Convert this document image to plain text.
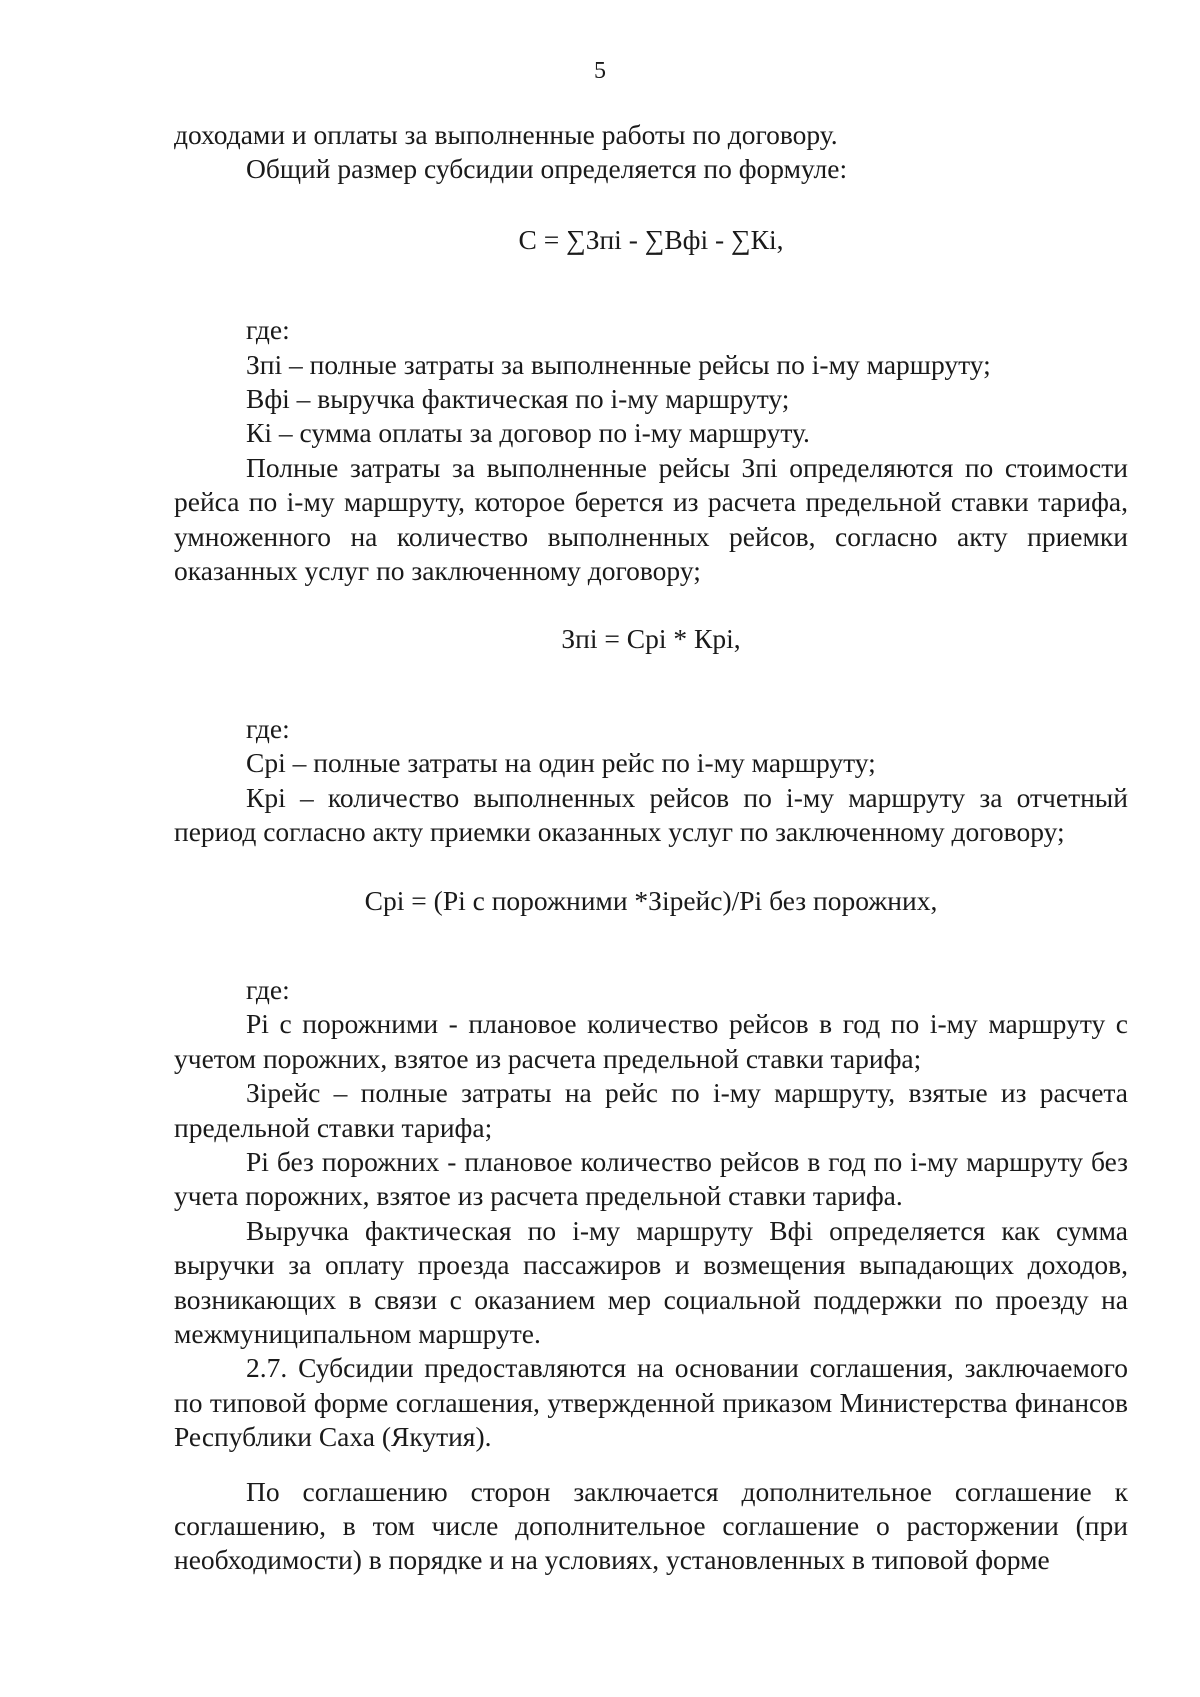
5

доходами и оплаты за выполненные работы по договору.

Общий размер субсидии определяется по формуле:

С = ∑Зпi - ∑Вфi - ∑Кi,

где:

Зпi – полные затраты за выполненные рейсы по i-му маршруту;

Вфi – выручка фактическая по i-му маршруту;

Кi – сумма оплаты за договор по i-му маршруту.

Полные затраты за выполненные рейсы Зпi определяются по стоимости рейса по i-му маршруту, которое берется из расчета предельной ставки тарифа, умноженного на количество выполненных рейсов, согласно акту приемки оказанных услуг по заключенному договору;

Зпi = Срi * Крi,

где:

Срi – полные затраты на один рейс по i-му маршруту;

Крi – количество выполненных рейсов по i-му маршруту за отчетный период согласно акту приемки оказанных услуг по заключенному договору;

Срi = (Рi с порожними *Зiрейс)/Рi без порожних,

где:

Рi с порожними - плановое количество рейсов в год по i-му маршруту с учетом порожних, взятое из расчета предельной ставки тарифа;

Зiрейс – полные затраты на рейс по i-му маршруту, взятые из расчета предельной ставки тарифа;

Рi без порожних - плановое количество рейсов в год по i-му маршруту без учета порожних, взятое из расчета предельной ставки тарифа.

Выручка фактическая по i-му маршруту Вфi определяется как сумма выручки за оплату проезда пассажиров и возмещения выпадающих доходов, возникающих в связи с оказанием мер социальной поддержки по проезду на межмуниципальном маршруте.

2.7. Субсидии предоставляются на основании соглашения, заключаемого по типовой форме соглашения, утвержденной приказом Министерства финансов Республики Саха (Якутия).

По соглашению сторон заключается дополнительное соглашение к соглашению, в том числе дополнительное соглашение о расторжении (при необходимости) в порядке и на условиях, установленных в типовой форме
